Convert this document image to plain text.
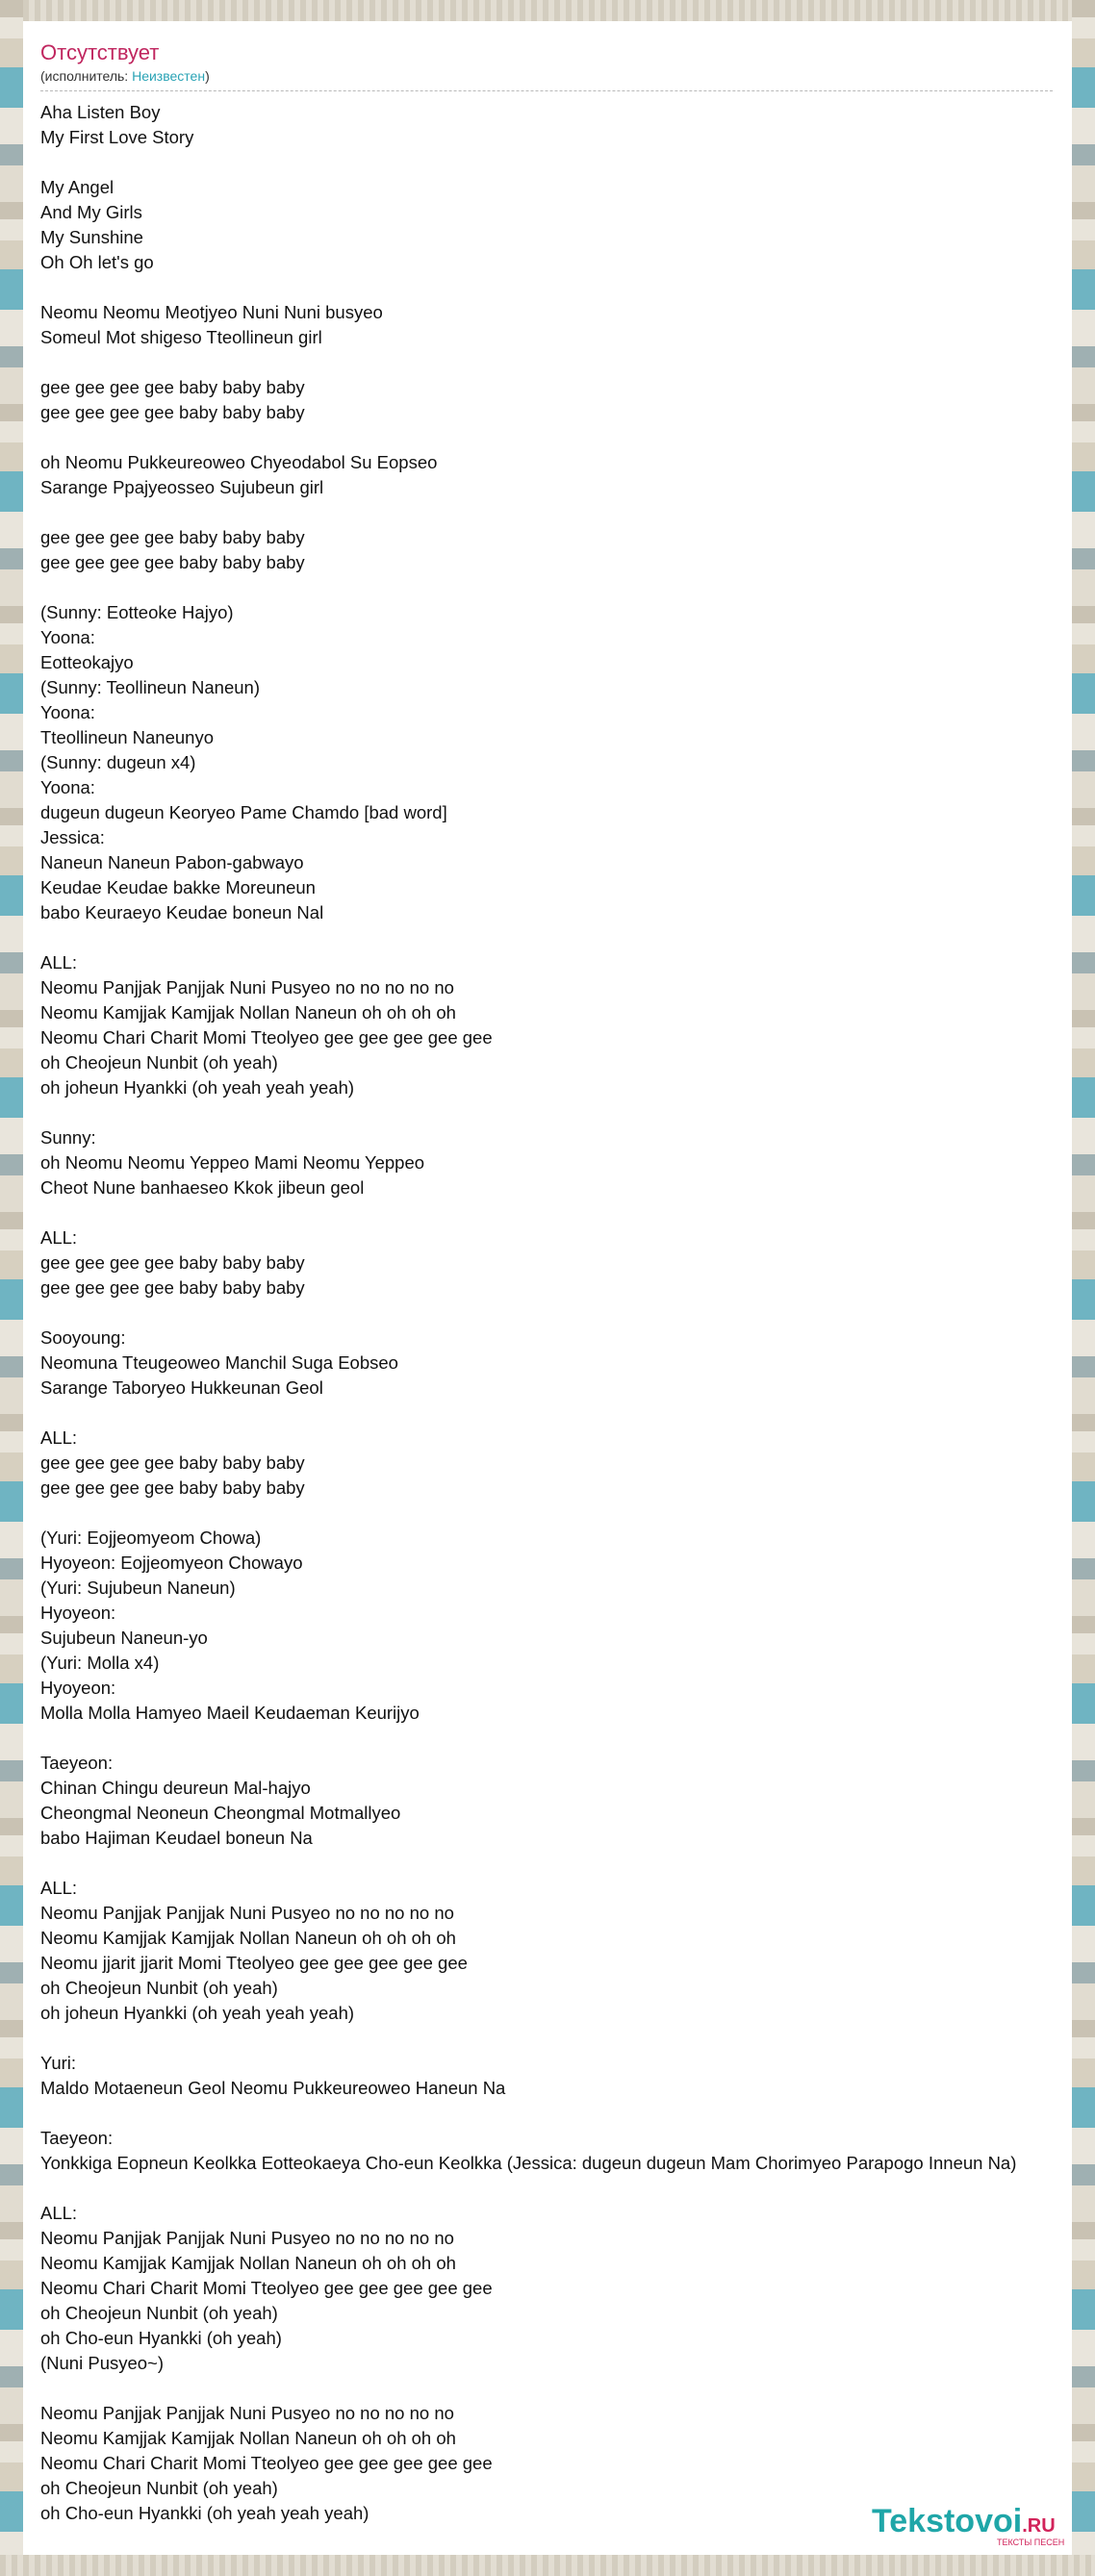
Отсутствует
(исполнитель: Неизвестен)
Aha Listen Boy
My First Love Story
My Angel
And My Girls
My Sunshine
Oh Oh let's go
Neomu Neomu Meotjyeo Nuni Nuni busyeo
Someul Mot shigeso Tteollineun girl
gee gee gee gee baby baby baby
gee gee gee gee baby baby baby
oh Neomu Pukkeureoweo Chyeodabol Su Eopseo
Sarange Ppajyeosseo Sujubeun girl
gee gee gee gee baby baby baby
gee gee gee gee baby baby baby
(Sunny: Eotteoke Hajyo)
Yoona:
Eotteokajyo
(Sunny: Teollineun Naneun)
Yoona:
Tteollineun Naneunyo
(Sunny: dugeun x4)
Yoona:
dugeun dugeun Keoryeo Pame Chamdo [bad word]
Jessica:
Naneun Naneun Pabon-gabwayo
Keudae Keudae bakke Moreuneun
babo Keuraeyo Keudae boneun Nal
ALL:
Neomu Panjjak Panjjak Nuni Pusyeo no no no no no
Neomu Kamjjak Kamjjak Nollan Naneun oh oh oh oh
Neomu Chari Charit Momi Tteolyeo gee gee gee gee gee
oh Cheojeun Nunbit (oh yeah)
oh joheun Hyankki (oh yeah yeah yeah)
Sunny:
oh Neomu Neomu Yeppeo Mami Neomu Yeppeo
Cheot Nune banhaeseo Kkok jibeun geol
ALL:
gee gee gee gee baby baby baby
gee gee gee gee baby baby baby
Sooyoung:
Neomuna Tteugeoweo Manchil Suga Eobseo
Sarange Taboryeo Hukkeunan Geol
ALL:
gee gee gee gee baby baby baby
gee gee gee gee baby baby baby
(Yuri: Eojjeomyeom Chowa)
Hyoyeon: Eojjeomyeon Chowayo
(Yuri: Sujubeun Naneun)
Hyoyeon:
Sujubeun Naneun-yo
(Yuri: Molla x4)
Hyoyeon:
Molla Molla Hamyeo Maeil Keudaeman Keurijyo
Taeyeon:
Chinan Chingu deureun Mal-hajyo
Cheongmal Neoneun Cheongmal Motmallyeo
babo Hajiman Keudael boneun Na
ALL:
Neomu Panjjak Panjjak Nuni Pusyeo no no no no no
Neomu Kamjjak Kamjjak Nollan Naneun oh oh oh oh
Neomu jjarit jjarit Momi Tteolyeo gee gee gee gee gee
oh Cheojeun Nunbit (oh yeah)
oh joheun Hyankki (oh yeah yeah yeah)
Yuri:
Maldo Motaeneun Geol Neomu Pukkeureoweo Haneun Na
Taeyeon:
Yonkkiga Eopneun Keolkka Eotteokaeya Cho-eun Keolkka (Jessica: dugeun dugeun Mam Chorimyeo Parapogo Inneun Na)
ALL:
Neomu Panjjak Panjjak Nuni Pusyeo no no no no no
Neomu Kamjjak Kamjjak Nollan Naneun oh oh oh oh
Neomu Chari Charit Momi Tteolyeo gee gee gee gee gee
oh Cheojeun Nunbit (oh yeah)
oh Cho-eun Hyankki (oh yeah)
(Nuni Pusyeo~)
Neomu Panjjak Panjjak Nuni Pusyeo no no no no no
Neomu Kamjjak Kamjjak Nollan Naneun oh oh oh oh
Neomu Chari Charit Momi Tteolyeo gee gee gee gee gee
oh Cheojeun Nunbit (oh yeah)
oh Cho-eun Hyankki (oh yeah yeah yeah)	Tekstovoi.RU
ТЕКСТЫ ПЕСЕН
